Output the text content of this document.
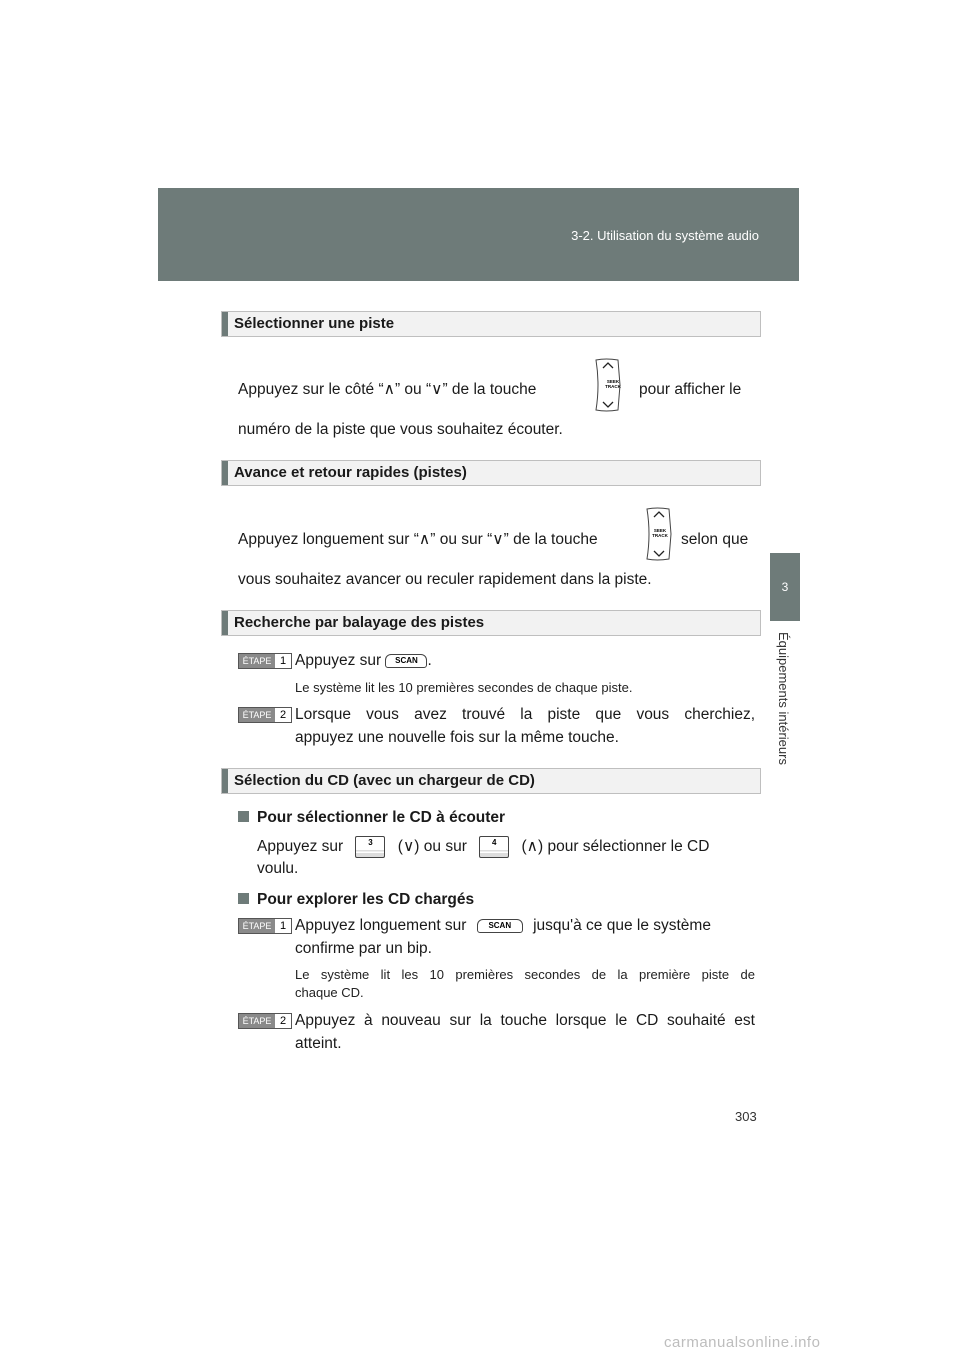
3-2. Utilisation du système audio
3
Équipements intérieurs
Sélectionner une piste
Appuyez sur le côté “∧” ou “∨” de la touche	pour afficher le
SEEK
TRACK
numéro de la piste que vous souhaitez écouter.
Avance et retour rapides (pistes)
Appuyez longuement sur “∧” ou sur “∨” de la touche	selon que
SEEK
TRACK
vous souhaitez avancer ou reculer rapidement dans la piste.
Recherche par balayage des pistes
ÉTAPE 1 Appuyez sur SCAN .
Le système lit les 10 premières secondes de chaque piste.
ÉTAPE 2 Lorsque vous avez trouvé la piste que vous cherchiez,
appuyez une nouvelle fois sur la même touche.
Sélection du CD (avec un chargeur de CD)
Pour sélectionner le CD à écouter
Appuyez sur	3 (∨) ou sur	4 (∧) pour sélectionner le CD
voulu.
Pour explorer les CD chargés
ÉTAPE 1 Appuyez longuement sur	SCAN jusqu'à ce que le système
confirme par un bip.
Le système lit les 10 premières secondes de la première piste de
chaque CD.
ÉTAPE 2 Appuyez à nouveau sur la touche lorsque le CD souhaité est
atteint.
303
carmanualsonline.info
